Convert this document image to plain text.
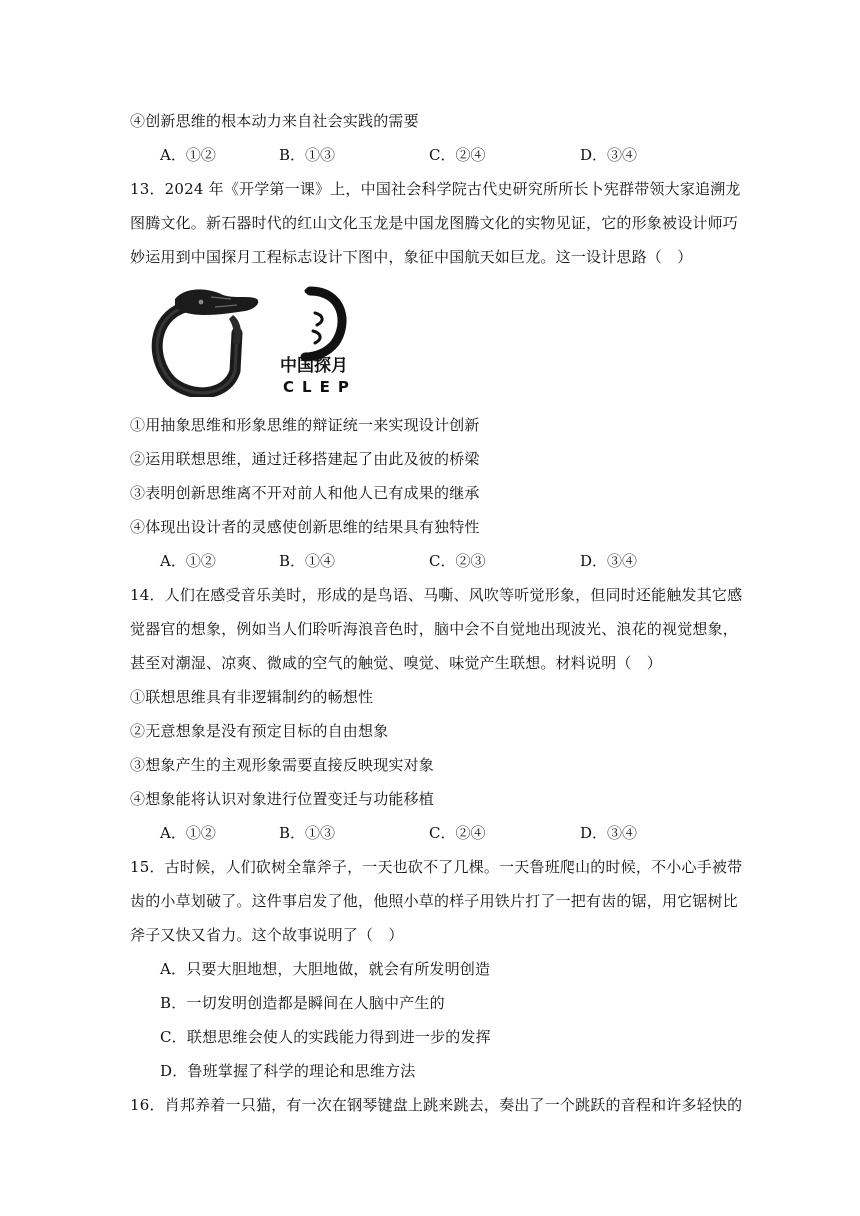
④创新思维的根本动力来自社会实践的需要
A．①②	B．①③	C．②④	D．③④
13．2024 年《开学第一课》上，中国社会科学院古代史研究所所长卜宪群带领大家追溯龙
图腾文化。新石器时代的红山文化玉龙是中国龙图腾文化的实物见证，它的形象被设计师巧
妙运用到中国探月工程标志设计下图中，象征中国航天如巨龙。这一设计思路（　）
中国探月
CLEP
①用抽象思维和形象思维的辩证统一来实现设计创新
②运用联想思维，通过迁移搭建起了由此及彼的桥梁
③表明创新思维离不开对前人和他人已有成果的继承
④体现出设计者的灵感使创新思维的结果具有独特性
A．①②	B．①④	C．②③	D．③④
14．人们在感受音乐美时，形成的是鸟语、马嘶、风吹等听觉形象，但同时还能触发其它感
觉器官的想象，例如当人们聆听海浪音色时，脑中会不自觉地出现波光、浪花的视觉想象，
甚至对潮湿、凉爽、微咸的空气的触觉、嗅觉、味觉产生联想。材料说明（　）
①联想思维具有非逻辑制约的畅想性
②无意想象是没有预定目标的自由想象
③想象产生的主观形象需要直接反映现实对象
④想象能将认识对象进行位置变迁与功能移植
A．①②	B．①③	C．②④	D．③④
15．古时候，人们砍树全靠斧子，一天也砍不了几棵。一天鲁班爬山的时候，不小心手被带
齿的小草划破了。这件事启发了他，他照小草的样子用铁片打了一把有齿的锯，用它锯树比
斧子又快又省力。这个故事说明了（　）
A．只要大胆地想，大胆地做，就会有所发明创造
B．一切发明创造都是瞬间在人脑中产生的
C．联想思维会使人的实践能力得到进一步的发挥
D．鲁班掌握了科学的理论和思维方法
16．肖邦养着一只猫，有一次在钢琴键盘上跳来跳去，奏出了一个跳跃的音程和许多轻快的
